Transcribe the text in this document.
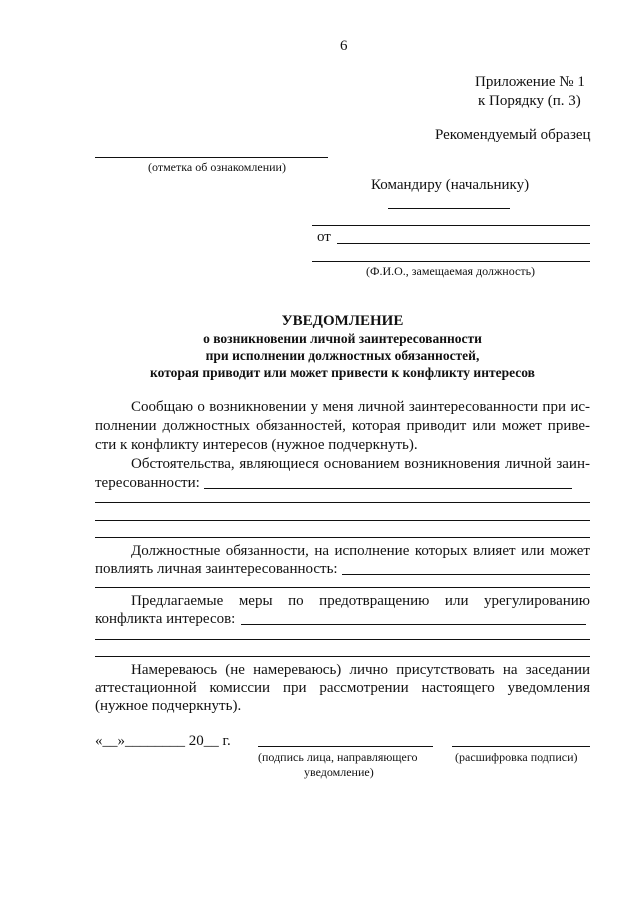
6
Приложение № 1
к Порядку (п. 3)
Рекомендуемый образец
(отметка об ознакомлении)
Командиру (начальнику)
от
(Ф.И.О., замещаемая должность)
УВЕДОМЛЕНИЕ
о возникновении личной заинтересованности
при исполнении должностных обязанностей,
которая приводит или может привести к конфликту интересов
Сообщаю о возникновении у меня личной заинтересованности при ис-
полнении должностных обязанностей, которая приводит или может приве-
сти к конфликту интересов (нужное подчеркнуть).
Обстоятельства, являющиеся основанием возникновения личной заин-
тересованности:
Должностные обязанности, на исполнение которых влияет или может
повлиять личная заинтересованность:
Предлагаемые меры по предотвращению или урегулированию
конфликта интересов:
Намереваюсь (не намереваюсь) лично присутствовать на заседании
аттестационной комиссии при рассмотрении настоящего уведомления
(нужное подчеркнуть).
«__»________ 20__ г.
(подпись лица, направляющего
уведомление)
(расшифровка подписи)
